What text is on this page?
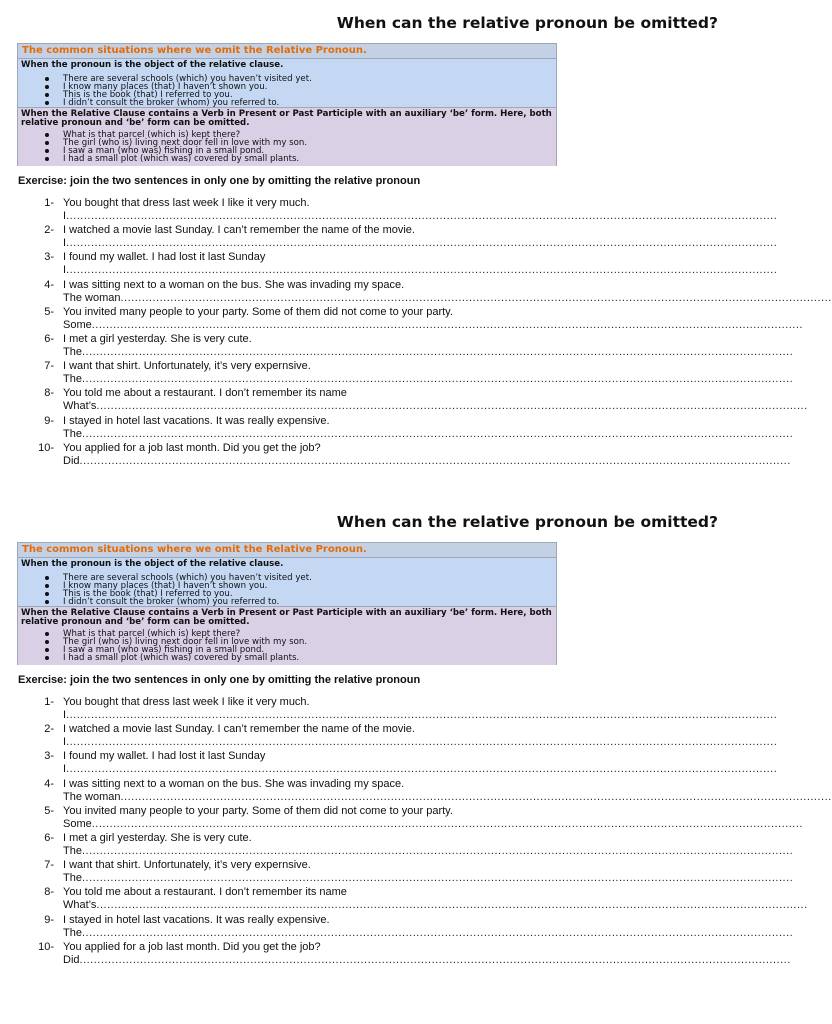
When can the relative pronoun be omitted?
The common situations where we omit the Relative Pronoun.
When the pronoun is the object of the relative clause.
There are several schools (which) you haven’t visited yet.
I know many places (that) I haven’t shown you.
This is the book (that) I referred to you.
I didn’t consult the broker (whom) you referred to.
When the Relative Clause contains a Verb in Present or Past Participle with an auxiliary ‘be’ form. Here, both relative pronoun and ‘be’ form can be omitted.
What is that parcel (which is) kept there?
The girl (who is) living next door fell in love with my son.
I saw a man (who was) fishing in a small pond.
I had a small plot (which was) covered by small plants.
Exercise: join the two sentences in only one by omitting the relative pronoun
1- You bought that dress last week I like it very much.
I ........................................................................................................................................................................................................
2- I watched a movie last Sunday. I can’t remember the name of the movie.
I ........................................................................................................................................................................................................
3- I found my wallet. I had lost it last Sunday
I ........................................................................................................................................................................................................
4- I was sitting next to a woman on the bus. She was invading my space.
The woman ........................................................................................................................................................................................................
5- You invited many people to your party. Some of them did not come to your party.
Some ........................................................................................................................................................................................................
6- I met a girl yesterday. She is very cute.
The ........................................................................................................................................................................................................
7- I want that shirt. Unfortunately, it’s very expernsive.
The ........................................................................................................................................................................................................
8- You told me about a restaurant. I don’t remember its name
What’s ........................................................................................................................................................................................................
9- I stayed in hotel last vacations. It was really expensive.
The ........................................................................................................................................................................................................
10- You applied for a job last month. Did you get the job?
Did ........................................................................................................................................................................................................
When can the relative pronoun be omitted?
The common situations where we omit the Relative Pronoun.
When the pronoun is the object of the relative clause.
There are several schools (which) you haven’t visited yet.
I know many places (that) I haven’t shown you.
This is the book (that) I referred to you.
I didn’t consult the broker (whom) you referred to.
When the Relative Clause contains a Verb in Present or Past Participle with an auxiliary ‘be’ form. Here, both relative pronoun and ‘be’ form can be omitted.
What is that parcel (which is) kept there?
The girl (who is) living next door fell in love with my son.
I saw a man (who was) fishing in a small pond.
I had a small plot (which was) covered by small plants.
Exercise: join the two sentences in only one by omitting the relative pronoun
1- You bought that dress last week I like it very much.
I ........................................................................................................................................................................................................
2- I watched a movie last Sunday. I can’t remember the name of the movie.
I ........................................................................................................................................................................................................
3- I found my wallet. I had lost it last Sunday
I ........................................................................................................................................................................................................
4- I was sitting next to a woman on the bus. She was invading my space.
The woman ........................................................................................................................................................................................................
5- You invited many people to your party. Some of them did not come to your party.
Some ........................................................................................................................................................................................................
6- I met a girl yesterday. She is very cute.
The ........................................................................................................................................................................................................
7- I want that shirt. Unfortunately, it’s very expernsive.
The ........................................................................................................................................................................................................
8- You told me about a restaurant. I don’t remember its name
What’s ........................................................................................................................................................................................................
9- I stayed in hotel last vacations. It was really expensive.
The ........................................................................................................................................................................................................
10- You applied for a job last month. Did you get the job?
Did ........................................................................................................................................................................................................
